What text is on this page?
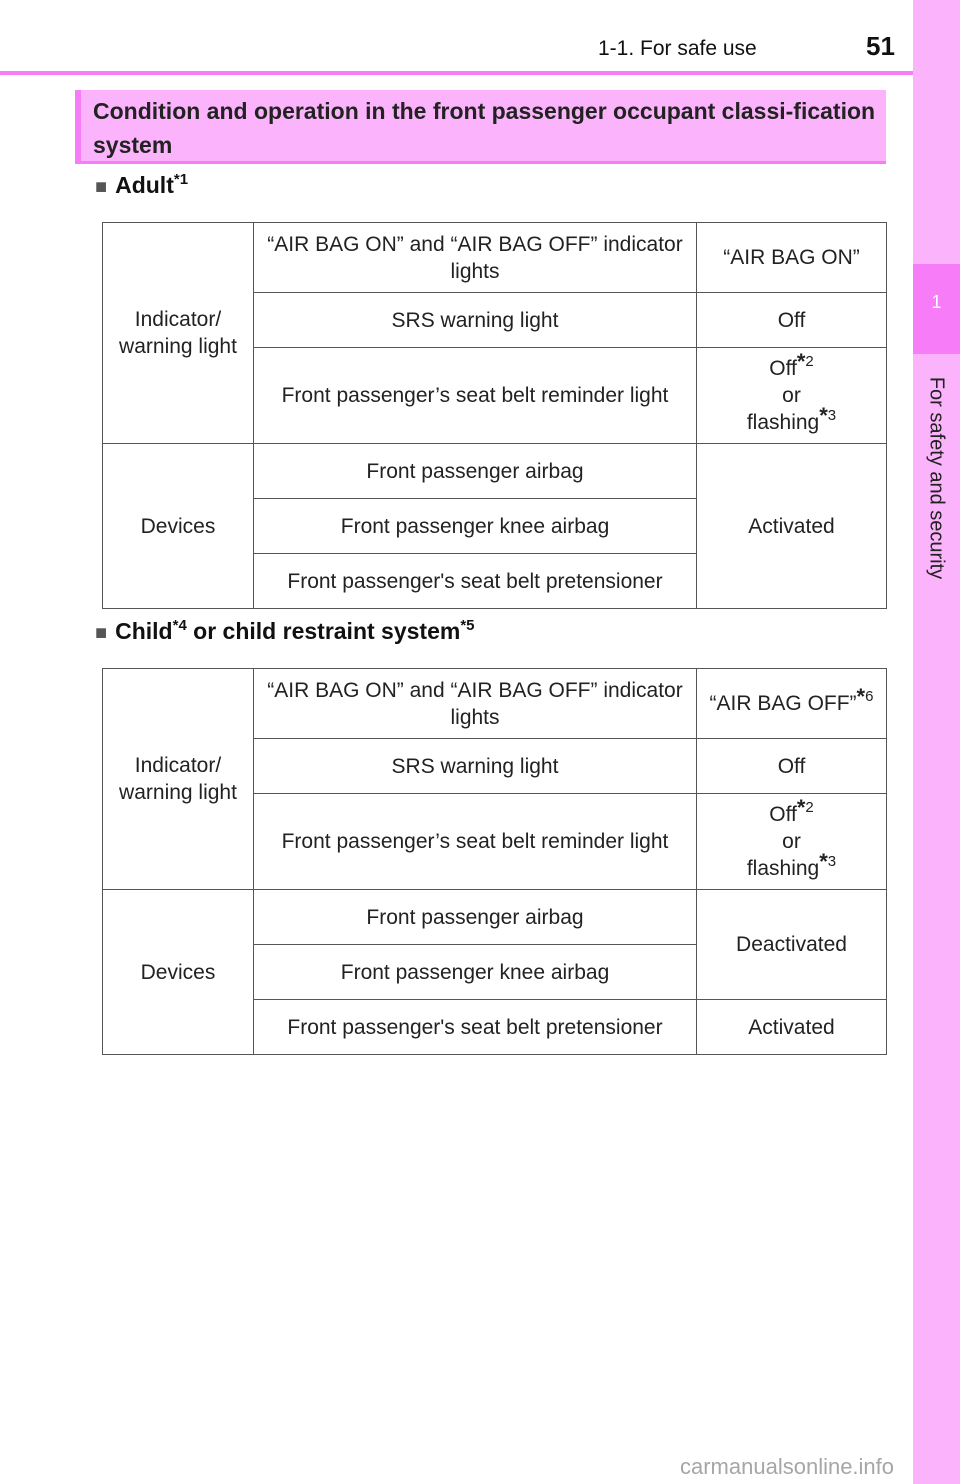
1-1. For safe use	51
1
For safety and security
Condition and operation in the front passenger occupant classi-fication system
■ Adult$^{*1}$
Indicator/ warning light	“AIR BAG ON” and “AIR BAG OFF” indicator lights	“AIR BAG ON”
	SRS warning light	Off
	Front passenger’s seat belt reminder light	Off*$^2$
or
flashing*$^3$
Devices	Front passenger airbag	Activated
	Front passenger knee airbag	
	Front passenger's seat belt pretensioner	
■ Child$^{*4}$ or child restraint system$^{*5}$
Indicator/ warning light	“AIR BAG ON” and “AIR BAG OFF” indicator lights	“AIR BAG OFF”*$^6$
	SRS warning light	Off
	Front passenger’s seat belt reminder light	Off*$^2$
or
flashing*$^3$
Devices	Front passenger airbag	Deactivated
	Front passenger knee airbag	
	Front passenger's seat belt pretensioner	Activated
carmanualsonline.info
